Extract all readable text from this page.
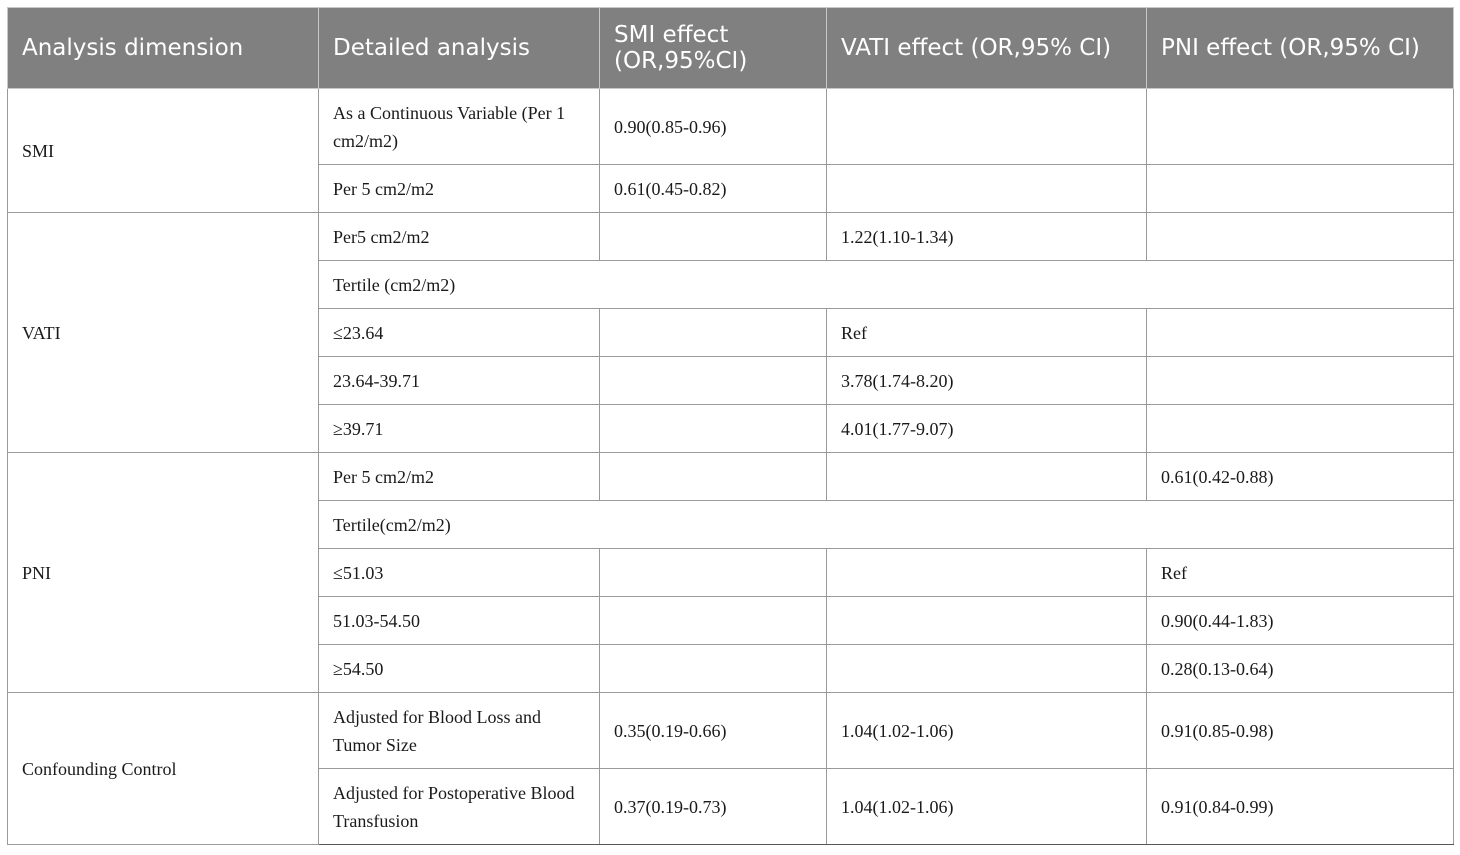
Analysis dimension	Detailed analysis	SMI effect (OR,95%CI)	VATI effect (OR,95% CI)	PNI effect (OR,95% CI)
SMI	As a Continuous Variable (Per 1 cm2/m2)	0.90(0.85-0.96)		
	Per 5 cm2/m2	0.61(0.45-0.82)		
VATI	Per5 cm2/m2		1.22(1.10-1.34)	
	Tertile (cm2/m2)			
	≤23.64		Ref	
	23.64-39.71		3.78(1.74-8.20)	
	≥39.71		4.01(1.77-9.07)	
PNI	Per 5 cm2/m2			0.61(0.42-0.88)
	Tertile(cm2/m2)			
	≤51.03			Ref
	51.03-54.50			0.90(0.44-1.83)
	≥54.50			0.28(0.13-0.64)
Confounding Control	Adjusted for Blood Loss and Tumor Size	0.35(0.19-0.66)	1.04(1.02-1.06)	0.91(0.85-0.98)
	Adjusted for Postoperative Blood Transfusion	0.37(0.19-0.73)	1.04(1.02-1.06)	0.91(0.84-0.99)
